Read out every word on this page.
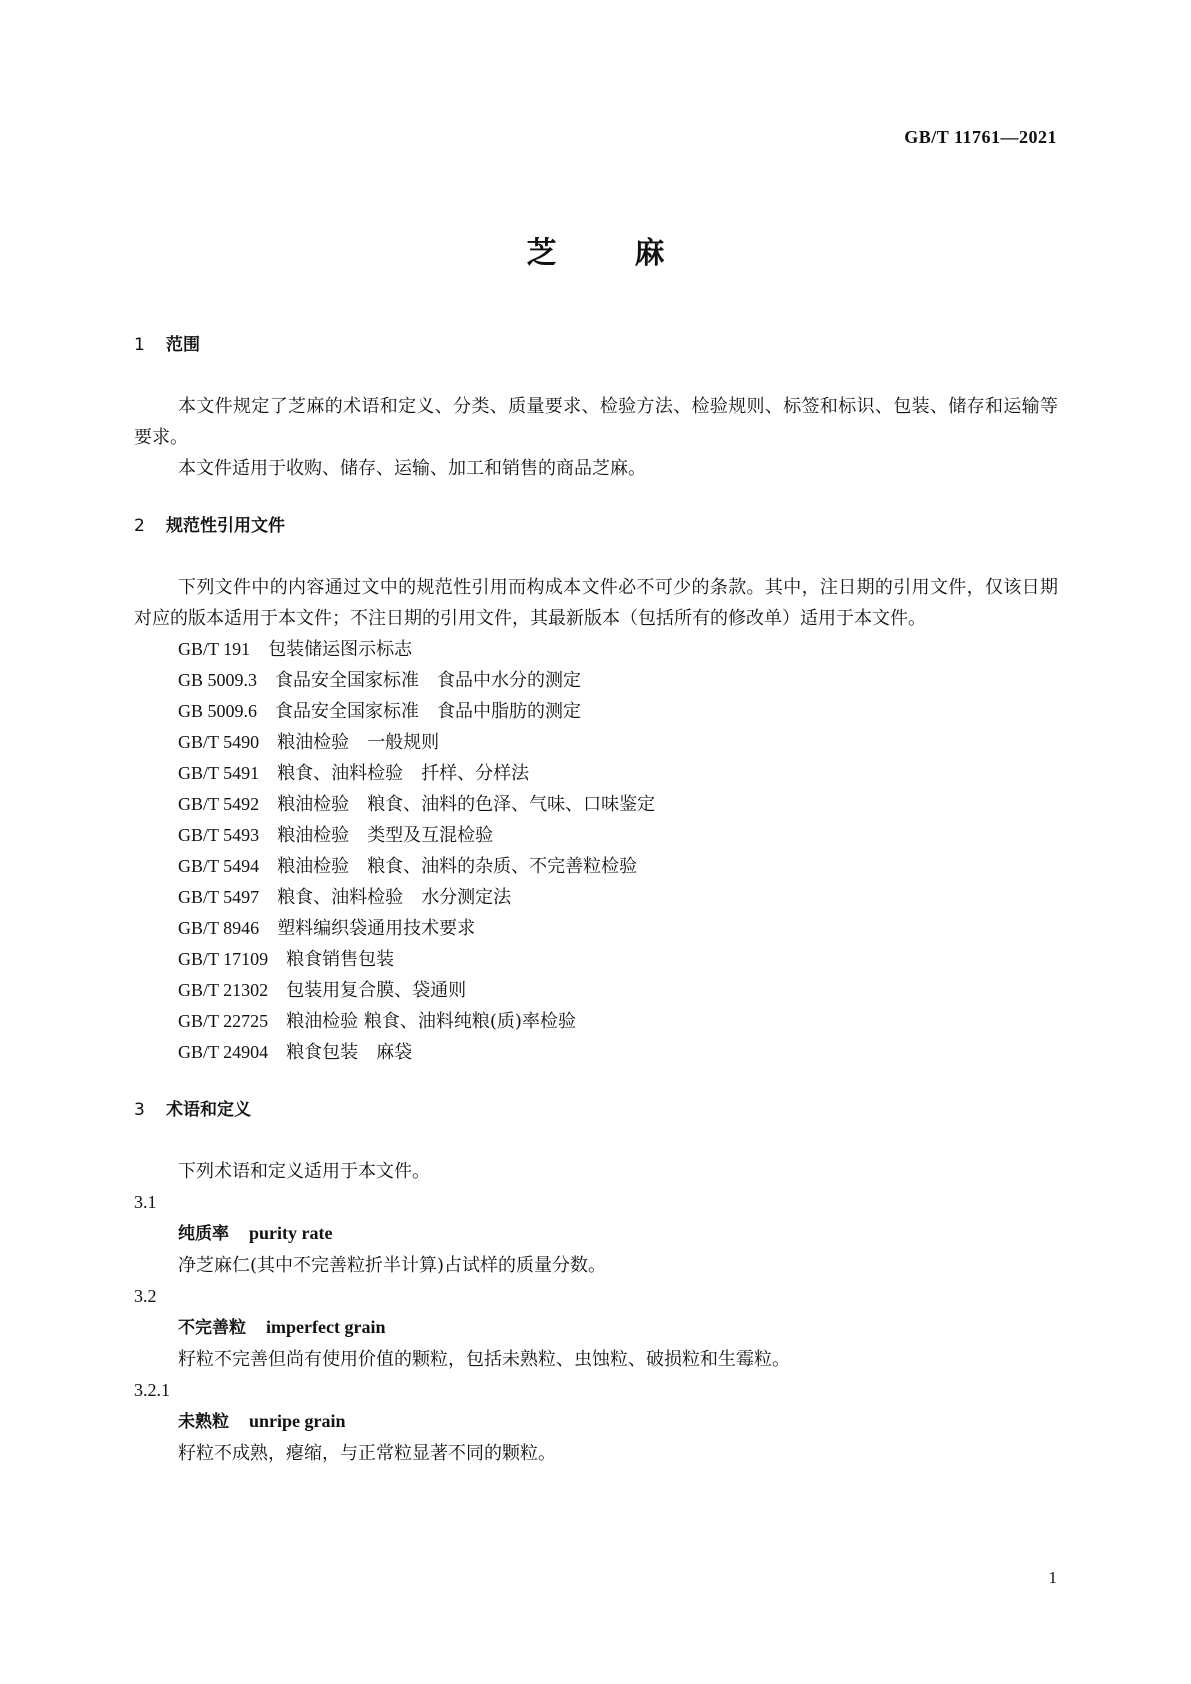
GB/T 11761—2021
芝麻
1 范围

本文件规定了芝麻的术语和定义、分类、质量要求、检验方法、检验规则、标签和标识、包装、储存和运输等要求。

本文件适用于收购、储存、运输、加工和销售的商品芝麻。

2 规范性引用文件

下列文件中的内容通过文中的规范性引用而构成本文件必不可少的条款。其中，注日期的引用文件，仅该日期对应的版本适用于本文件；不注日期的引用文件，其最新版本（包括所有的修改单）适用于本文件。

GB/T 191 包装储运图示标志
GB 5009.3 食品安全国家标准 食品中水分的测定
GB 5009.6 食品安全国家标准 食品中脂肪的测定
GB/T 5490 粮油检验 一般规则
GB/T 5491 粮食、油料检验 扦样、分样法
GB/T 5492 粮油检验 粮食、油料的色泽、气味、口味鉴定
GB/T 5493 粮油检验 类型及互混检验
GB/T 5494 粮油检验 粮食、油料的杂质、不完善粒检验
GB/T 5497 粮食、油料检验 水分测定法
GB/T 8946 塑料编织袋通用技术要求
GB/T 17109 粮食销售包装
GB/T 21302 包装用复合膜、袋通则
GB/T 22725 粮油检验 粮食、油料纯粮(质)率检验
GB/T 24904 粮食包装 麻袋
3 术语和定义

下列术语和定义适用于本文件。

3.1
纯质率 purity rate
净芝麻仁(其中不完善粒折半计算)占试样的质量分数。
3.2
不完善粒 imperfect grain
籽粒不完善但尚有使用价值的颗粒，包括未熟粒、虫蚀粒、破损粒和生霉粒。
3.2.1
未熟粒 unripe grain
籽粒不成熟，瘪缩，与正常粒显著不同的颗粒。
1
